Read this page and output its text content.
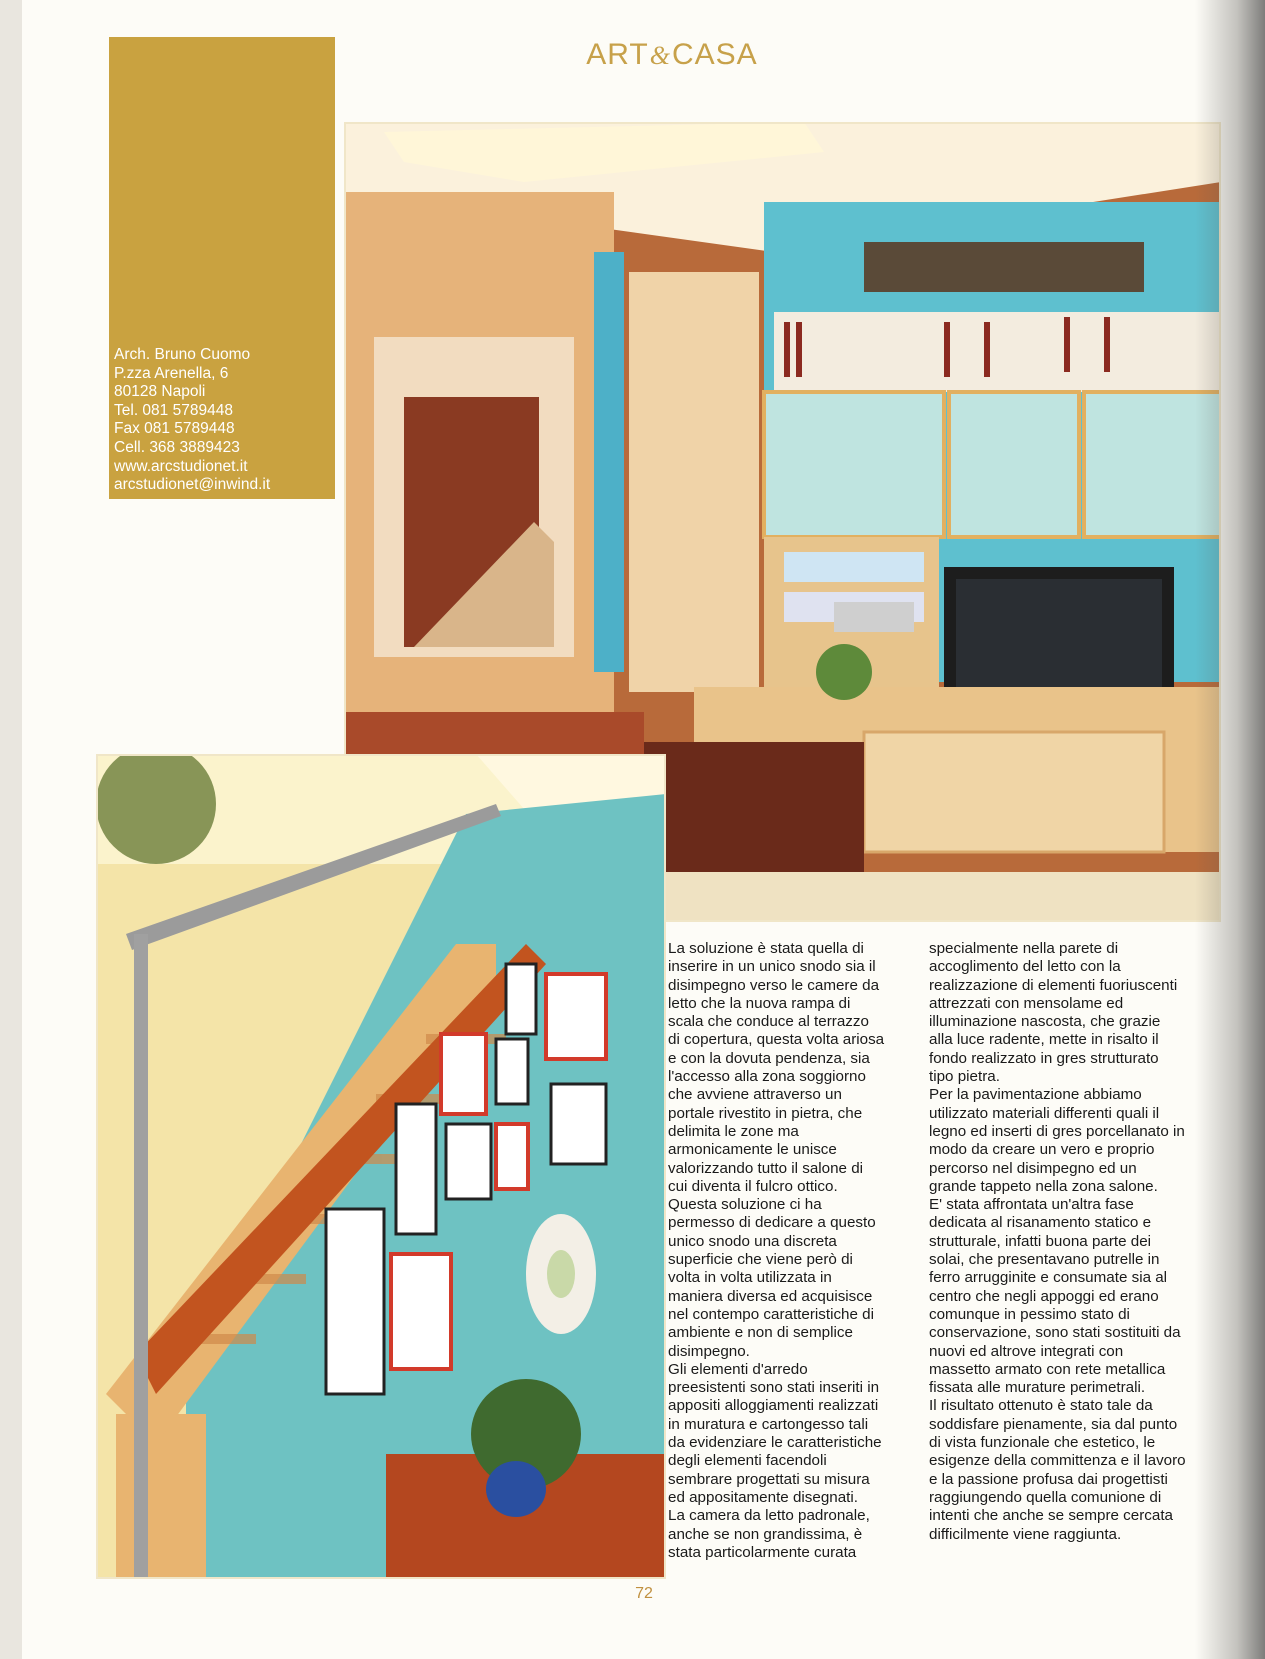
ART&CASA
Arch. Bruno Cuomo
P.zza Arenella, 6
80128 Napoli
Tel. 081 5789448
Fax 081 5789448
Cell. 368 3889423
www.arcstudionet.it
arcstudionet@inwind.it

La soluzione è stata quella di

inserire in un unico snodo sia il

disimpegno verso le camere da

letto che la nuova rampa di

scala che conduce al terrazzo

di copertura, questa volta ariosa

e con la dovuta pendenza, sia

l'accesso alla zona soggiorno

che avviene attraverso un

portale rivestito in pietra, che

delimita le zone ma

armonicamente le unisce

valorizzando tutto il salone di

cui diventa il fulcro ottico.

Questa soluzione ci ha

permesso di dedicare a questo

unico snodo una discreta

superficie che viene però di

volta in volta utilizzata in

maniera diversa ed acquisisce

nel contempo caratteristiche di

ambiente e non di semplice

disimpegno.

Gli elementi d'arredo

preesistenti sono stati inseriti in

appositi alloggiamenti realizzati

in muratura e cartongesso tali

da evidenziare le caratteristiche

degli elementi facendoli

sembrare progettati su misura

ed appositamente disegnati.

La camera da letto padronale,

anche se non grandissima, è

stata particolarmente curata

specialmente nella parete di

accoglimento del letto con la

realizzazione di elementi fuoriuscenti

attrezzati con mensolame ed

illuminazione nascosta, che grazie

alla luce radente, mette in risalto il

fondo realizzato in gres strutturato

tipo pietra.

Per la pavimentazione abbiamo

utilizzato materiali differenti quali il

legno ed inserti di gres porcellanato in

modo da creare un vero e proprio

percorso nel disimpegno ed un

grande tappeto nella zona salone.

E' stata affrontata un'altra fase

dedicata al risanamento statico e

strutturale, infatti buona parte dei

solai, che presentavano putrelle in

ferro arrugginite e consumate sia al

centro che negli appoggi ed erano

comunque in pessimo stato di

conservazione, sono stati sostituiti da

nuovi ed altrove integrati con

massetto armato con rete metallica

fissata alle murature perimetrali.

Il risultato ottenuto è stato tale da

soddisfare pienamente, sia dal punto

di vista funzionale che estetico, le

esigenze della committenza e il lavoro

e la passione profusa dai progettisti

raggiungendo quella comunione di

intenti che anche se sempre cercata

difficilmente viene raggiunta.

72
